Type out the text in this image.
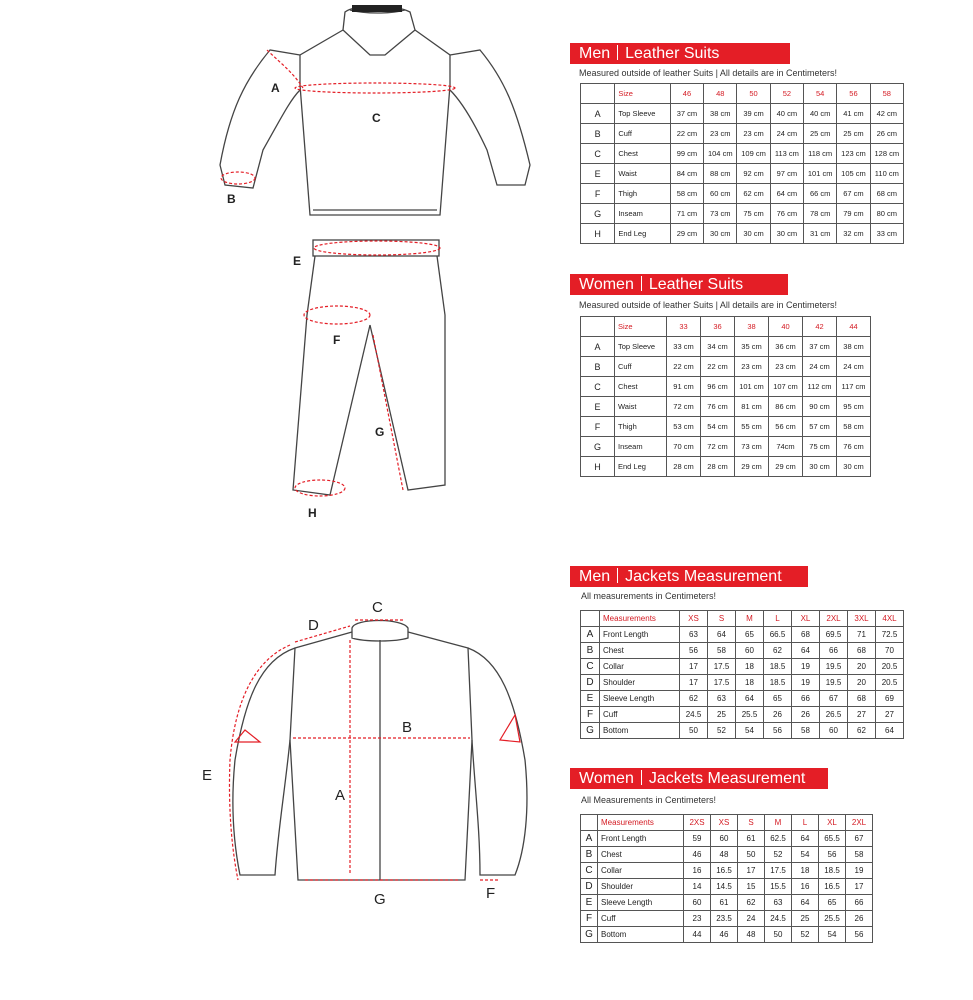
A
B
C
E
F
G
H
C
D
B
A
E
G	F
Men Leather Suits
Measured outside of leather Suits | All details are in Centimeters!
	Size	46	48	50	52	54	56	58
A	Top Sleeve	37 cm	38 cm	39 cm	40 cm	40 cm	41 cm	42 cm
B	Cuff	22 cm	23 cm	23 cm	24 cm	25 cm	25 cm	26 cm
C	Chest	99 cm	104 cm	109 cm	113 cm	118 cm	123 cm	128 cm
E	Waist	84 cm	88 cm	92 cm	97 cm	101 cm	105 cm	110 cm
F	Thigh	58 cm	60 cm	62 cm	64 cm	66 cm	67 cm	68 cm
G	Inseam	71 cm	73 cm	75 cm	76 cm	78 cm	79 cm	80 cm
H	End Leg	29 cm	30 cm	30 cm	30 cm	31 cm	32 cm	33 cm
Women Leather Suits
Measured outside of leather Suits | All details are in Centimeters!
	Size	33	36	38	40	42	44
A	Top Sleeve	33 cm	34 cm	35 cm	36 cm	37 cm	38 cm
B	Cuff	22 cm	22 cm	23 cm	23 cm	24 cm	24 cm
C	Chest	91 cm	96 cm	101 cm	107 cm	112 cm	117 cm
E	Waist	72 cm	76 cm	81 cm	86 cm	90 cm	95 cm
F	Thigh	53 cm	54 cm	55 cm	56 cm	57 cm	58 cm
G	Inseam	70 cm	72 cm	73 cm	74cm	75 cm	76 cm
H	End Leg	28 cm	28 cm	29 cm	29 cm	30 cm	30 cm
Men Jackets Measurement
All measurements in Centimeters!
	Measurements	XS	S	M	L	XL	2XL	3XL	4XL
A	Front Length	63	64	65	66.5	68	69.5	71	72.5
B	Chest	56	58	60	62	64	66	68	70
C	Collar	17	17.5	18	18.5	19	19.5	20	20.5
D	Shoulder	17	17.5	18	18.5	19	19.5	20	20.5
E	Sleeve Length	62	63	64	65	66	67	68	69
F	Cuff	24.5	25	25.5	26	26	26.5	27	27
G	Bottom	50	52	54	56	58	60	62	64
Women Jackets Measurement
All Measurements in Centimeters!
	Measurements	2XS	XS	S	M	L	XL	2XL
A	Front Length	59	60	61	62.5	64	65.5	67
B	Chest	46	48	50	52	54	56	58
C	Collar	16	16.5	17	17.5	18	18.5	19
D	Shoulder	14	14.5	15	15.5	16	16.5	17
E	Sleeve Length	60	61	62	63	64	65	66
F	Cuff	23	23.5	24	24.5	25	25.5	26
G	Bottom	44	46	48	50	52	54	56
